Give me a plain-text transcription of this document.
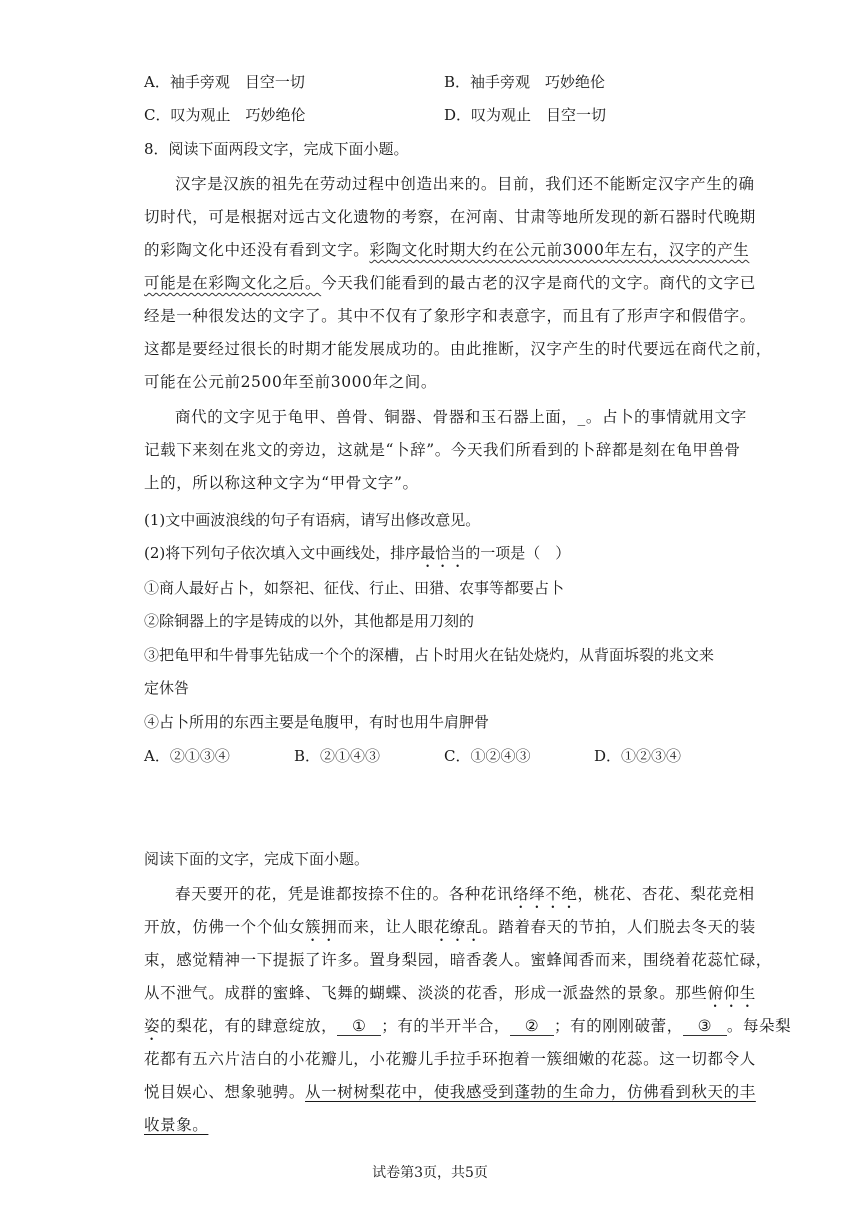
A．袖手旁观　目空一切	B．袖手旁观　巧妙绝伦
C．叹为观止　巧妙绝伦	D．叹为观止　目空一切
8．阅读下面两段文字，完成下面小题。
汉字是汉族的祖先在劳动过程中创造出来的。目前，我们还不能断定汉字产生的确
切时代，可是根据对远古文化遗物的考察，在河南、甘肃等地所发现的新石器时代晚期
的彩陶文化中还没有看到文字。彩陶文化时期大约在公元前3000年左右，汉字的产生
可能是在彩陶文化之后。今天我们能看到的最古老的汉字是商代的文字。商代的文字已
经是一种很发达的文字了。其中不仅有了象形字和表意字，而且有了形声字和假借字。
这都是要经过很长的时期才能发展成功的。由此推断，汉字产生的时代要远在商代之前，
可能在公元前2500年至前3000年之间。
商代的文字见于龟甲、兽骨、铜器、骨器和玉石器上面，_。占卜的事情就用文字
记载下来刻在兆文的旁边，这就是“卜辞”。今天我们所看到的卜辞都是刻在龟甲兽骨
上的，所以称这种文字为“甲骨文字”。
(1)文中画波浪线的句子有语病，请写出修改意见。
(2)将下列句子依次填入文中画线处，排序最恰当的一项是（　）
①商人最好占卜，如祭祀、征伐、行止、田猎、农事等都要占卜
②除铜器上的字是铸成的以外，其他都是用刀刻的
③把龟甲和牛骨事先钻成一个个的深槽，占卜时用火在钻处烧灼，从背面坼裂的兆文来
定休咎
④占卜所用的东西主要是龟腹甲，有时也用牛肩胛骨
A．②①③④	B．②①④③	C．①②④③	D．①②③④
阅读下面的文字，完成下面小题。
春天要开的花，凭是谁都按捺不住的。各种花讯络绎不绝，桃花、杏花、梨花竞相
开放，仿佛一个个仙女簇拥而来，让人眼花缭乱。踏着春天的节拍，人们脱去冬天的装
束，感觉精神一下提振了许多。置身梨园，暗香袭人。蜜蜂闻香而来，围绕着花蕊忙碌，
从不泄气。成群的蜜蜂、飞舞的蝴蝶、淡淡的花香，形成一派盎然的景象。那些俯仰生
姿的梨花，有的肆意绽放， ① ；有的半开半合， ② ；有的刚刚破蕾， ③ 。每朵梨
花都有五六片洁白的小花瓣儿，小花瓣儿手拉手环抱着一簇细嫩的花蕊。这一切都令人
悦目娱心、想象驰骋。从一树树梨花中，使我感受到蓬勃的生命力，仿佛看到秋天的丰
收景象。
试卷第3页，共5页
